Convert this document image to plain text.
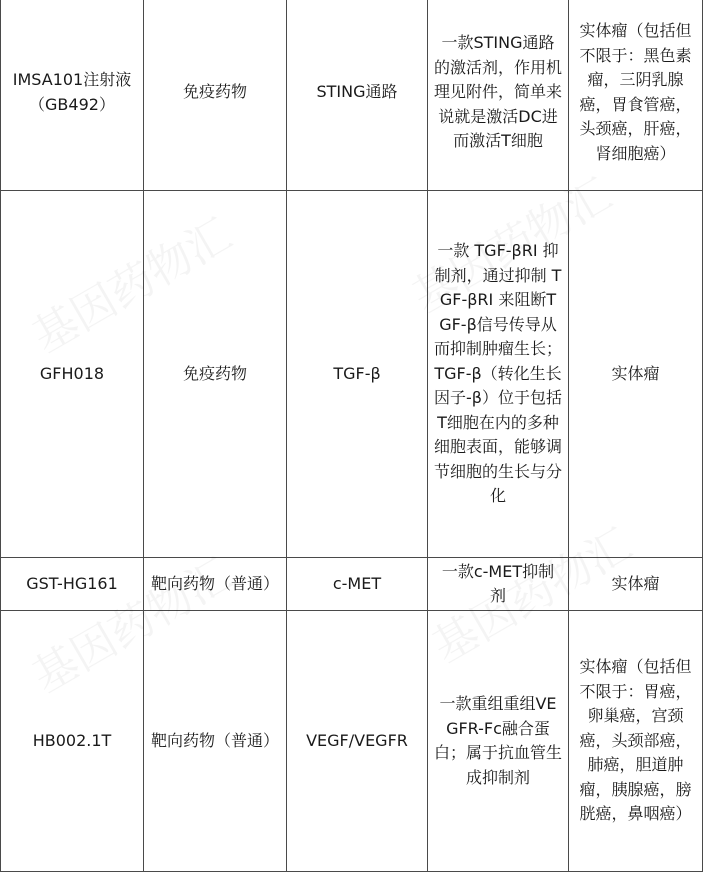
IMSA101注射液（GB492）	免疫药物	STING通路	一款STING通路的激活剂，作用机理见附件，简单来说就是激活DC进而激活T细胞	实体瘤（包括但不限于：黑色素瘤，三阴乳腺癌，胃食管癌，头颈癌，肝癌，肾细胞癌）
GFH018	免疫药物	TGF-β	一款 TGF-βRI 抑制剂，通过抑制 TGF-βRI 来阻断TGF-β信号传导从而抑制肿瘤生长；TGF-β（转化生长因子-β）位于包括T细胞在内的多种细胞表面，能够调节细胞的生长与分化	实体瘤
GST-HG161	靶向药物（普通）	c-MET	一款c-MET抑制剂	实体瘤
HB002.1T	靶向药物（普通）	VEGF/VEGFR	一款重组重组VEGFR-Fc融合蛋白；属于抗血管生成抑制剂	实体瘤（包括但不限于：胃癌，卵巢癌，宫颈癌，头颈部癌，肺癌，胆道肿瘤，胰腺癌，膀胱癌，鼻咽癌）
